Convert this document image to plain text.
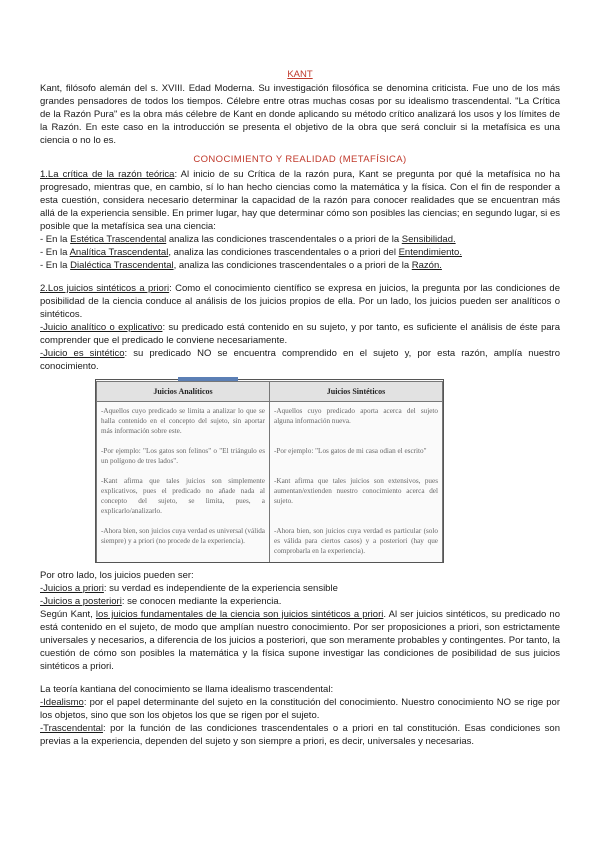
KANT

Kant, filósofo alemán del s. XVIII. Edad Moderna. Su investigación filosófica se denomina criticista. Fue uno de los más grandes pensadores de todos los tiempos. Célebre entre otras muchas cosas por su idealismo trascendental. "La Crítica de la Razón Pura" es la obra más célebre de Kant en donde aplicando su método crítico analizará los usos y los límites de la Razón. En este caso en la introducción se presenta el objetivo de la obra que será concluir si la metafísica es una ciencia o no lo es.

CONOCIMIENTO Y REALIDAD (METAFÍSICA)

1.La crítica de la razón teórica: Al inicio de su Crítica de la razón pura, Kant se pregunta por qué la metafísica no ha progresado, mientras que, en cambio, sí lo han hecho ciencias como la matemática y la física. Con el fin de responder a esta cuestión, considera necesario determinar la capacidad de la razón para conocer realidades que se encuentran más allá de la experiencia sensible. En primer lugar, hay que determinar cómo son posibles las ciencias; en segundo lugar, si es posible que la metafísica sea una ciencia:

- En la Estética Trascendental analiza las condiciones trascendentales o a priori de la Sensibilidad.
- En la Analítica Trascendental, analiza las condiciones trascendentales o a priori del Entendimiento.
- En la Dialéctica Trascendental, analiza las condiciones trascendentales o a priori de la Razón.

2.Los juicios sintéticos a priori: Como el conocimiento científico se expresa en juicios, la pregunta por las condiciones de posibilidad de la ciencia conduce al análisis de los juicios propios de ella. Por un lado, los juicios pueden ser analíticos o sintéticos.

-Juicio analítico o explicativo: su predicado está contenido en su sujeto, y por tanto, es suficiente el análisis de éste para comprender que el predicado le conviene necesariamente.

-Juicio es sintético: su predicado NO se encuentra comprendido en el sujeto y, por esta razón, amplía nuestro conocimiento.

Juicios Analíticos	Juicios Sintéticos
-Aquellos cuyo predicado se limita a analizar lo que se halla contenido en el concepto del sujeto, sin aportar más información sobre este.	-Aquellos cuyo predicado aporta acerca del sujeto alguna información nueva.
-Por ejemplo: "Los gatos son felinos" o "El triángulo es un polígono de tres lados".	-Por ejemplo: "Los gatos de mi casa odian el escrito"
-Kant afirma que tales juicios son simplemente explicativos, pues el predicado no añade nada al concepto del sujeto, se limita, pues, a explicarlo/analizarlo.	-Kant afirma que tales juicios son extensivos, pues aumentan/extienden nuestro conocimiento acerca del sujeto.
-Ahora bien, son juicios cuya verdad es universal (válida siempre) y a priori (no procede de la experiencia).	-Ahora bien, son juicios cuya verdad es particular (solo es válida para ciertos casos) y a posteriori (hay que comprobarla en la experiencia).

Por otro lado, los juicios pueden ser:

-Juicios a priori: su verdad es independiente de la experiencia sensible

-Juicios a posteriori: se conocen mediante la experiencia.

Según Kant, los juicios fundamentales de la ciencia son juicios sintéticos a priori. Al ser juicios sintéticos, su predicado no está contenido en el sujeto, de modo que amplían nuestro conocimiento. Por ser proposiciones a priori, son estrictamente universales y necesarios, a diferencia de los juicios a posteriori, que son meramente probables y contingentes. Por tanto, la cuestión de cómo son posibles la matemática y la física supone investigar las condiciones de posibilidad de sus juicios sintéticos a priori.

La teoría kantiana del conocimiento se llama idealismo trascendental:

-Idealismo: por el papel determinante del sujeto en la constitución del conocimiento. Nuestro conocimiento NO se rige por los objetos, sino que son los objetos los que se rigen por el sujeto.

-Trascendental: por la función de las condiciones trascendentales o a priori en tal constitución. Esas condiciones son previas a la experiencia, dependen del sujeto y son siempre a priori, es decir, universales y necesarias.
